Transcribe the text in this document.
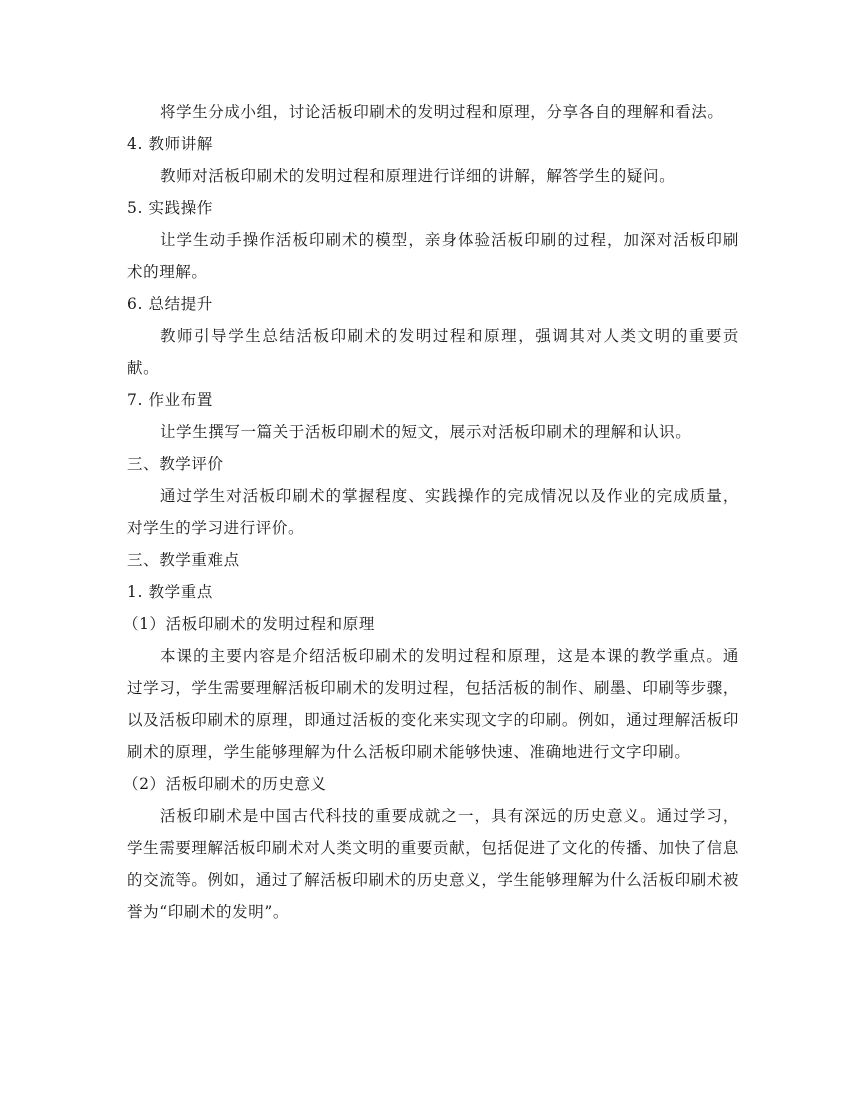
将学生分成小组，讨论活板印刷术的发明过程和原理，分享各自的理解和看法。

4. 教师讲解

教师对活板印刷术的发明过程和原理进行详细的讲解，解答学生的疑问。

5. 实践操作

让学生动手操作活板印刷术的模型，亲身体验活板印刷的过程，加深对活板印刷术的理解。

6. 总结提升

教师引导学生总结活板印刷术的发明过程和原理，强调其对人类文明的重要贡献。

7. 作业布置

让学生撰写一篇关于活板印刷术的短文，展示对活板印刷术的理解和认识。

三、教学评价

通过学生对活板印刷术的掌握程度、实践操作的完成情况以及作业的完成质量，对学生的学习进行评价。

三、教学重难点

1. 教学重点

（1）活板印刷术的发明过程和原理

本课的主要内容是介绍活板印刷术的发明过程和原理，这是本课的教学重点。通过学习，学生需要理解活板印刷术的发明过程，包括活板的制作、刷墨、印刷等步骤，以及活板印刷术的原理，即通过活板的变化来实现文字的印刷。例如，通过理解活板印刷术的原理，学生能够理解为什么活板印刷术能够快速、准确地进行文字印刷。

（2）活板印刷术的历史意义

活板印刷术是中国古代科技的重要成就之一，具有深远的历史意义。通过学习，学生需要理解活板印刷术对人类文明的重要贡献，包括促进了文化的传播、加快了信息的交流等。例如，通过了解活板印刷术的历史意义，学生能够理解为什么活板印刷术被誉为“印刷术的发明”。
